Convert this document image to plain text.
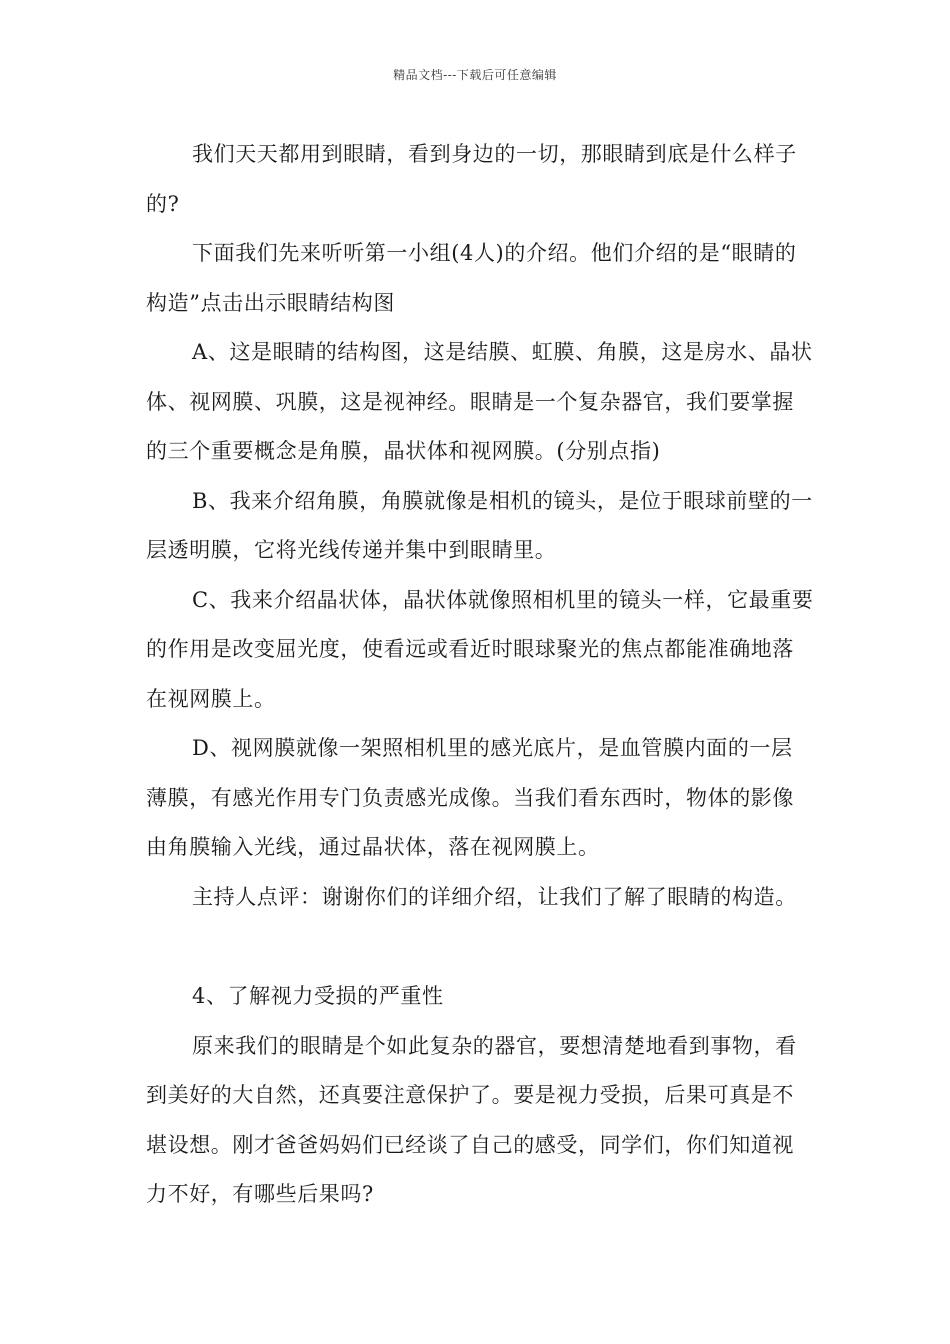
精品文档---下载后可任意编辑

我们天天都用到眼睛，看到身边的一切，那眼睛到底是什么样子的?

下面我们先来听听第一小组(4人)的介绍。他们介绍的是“眼睛的构造”点击出示眼睛结构图

A、这是眼睛的结构图，这是结膜、虹膜、角膜，这是房水、晶状体、视网膜、巩膜，这是视神经。眼睛是一个复杂器官，我们要掌握的三个重要概念是角膜，晶状体和视网膜。(分别点指)

B、我来介绍角膜，角膜就像是相机的镜头，是位于眼球前壁的一层透明膜，它将光线传递并集中到眼睛里。

C、我来介绍晶状体，晶状体就像照相机里的镜头一样，它最重要的作用是改变屈光度，使看远或看近时眼球聚光的焦点都能准确地落在视网膜上。

D、视网膜就像一架照相机里的感光底片，是血管膜内面的一层薄膜，有感光作用专门负责感光成像。当我们看东西时，物体的影像由角膜输入光线，通过晶状体，落在视网膜上。

主持人点评：谢谢你们的详细介绍，让我们了解了眼睛的构造。

4、了解视力受损的严重性

原来我们的眼睛是个如此复杂的器官，要想清楚地看到事物，看到美好的大自然，还真要注意保护了。要是视力受损，后果可真是不堪设想。刚才爸爸妈妈们已经谈了自己的感受，同学们，你们知道视力不好，有哪些后果吗?
